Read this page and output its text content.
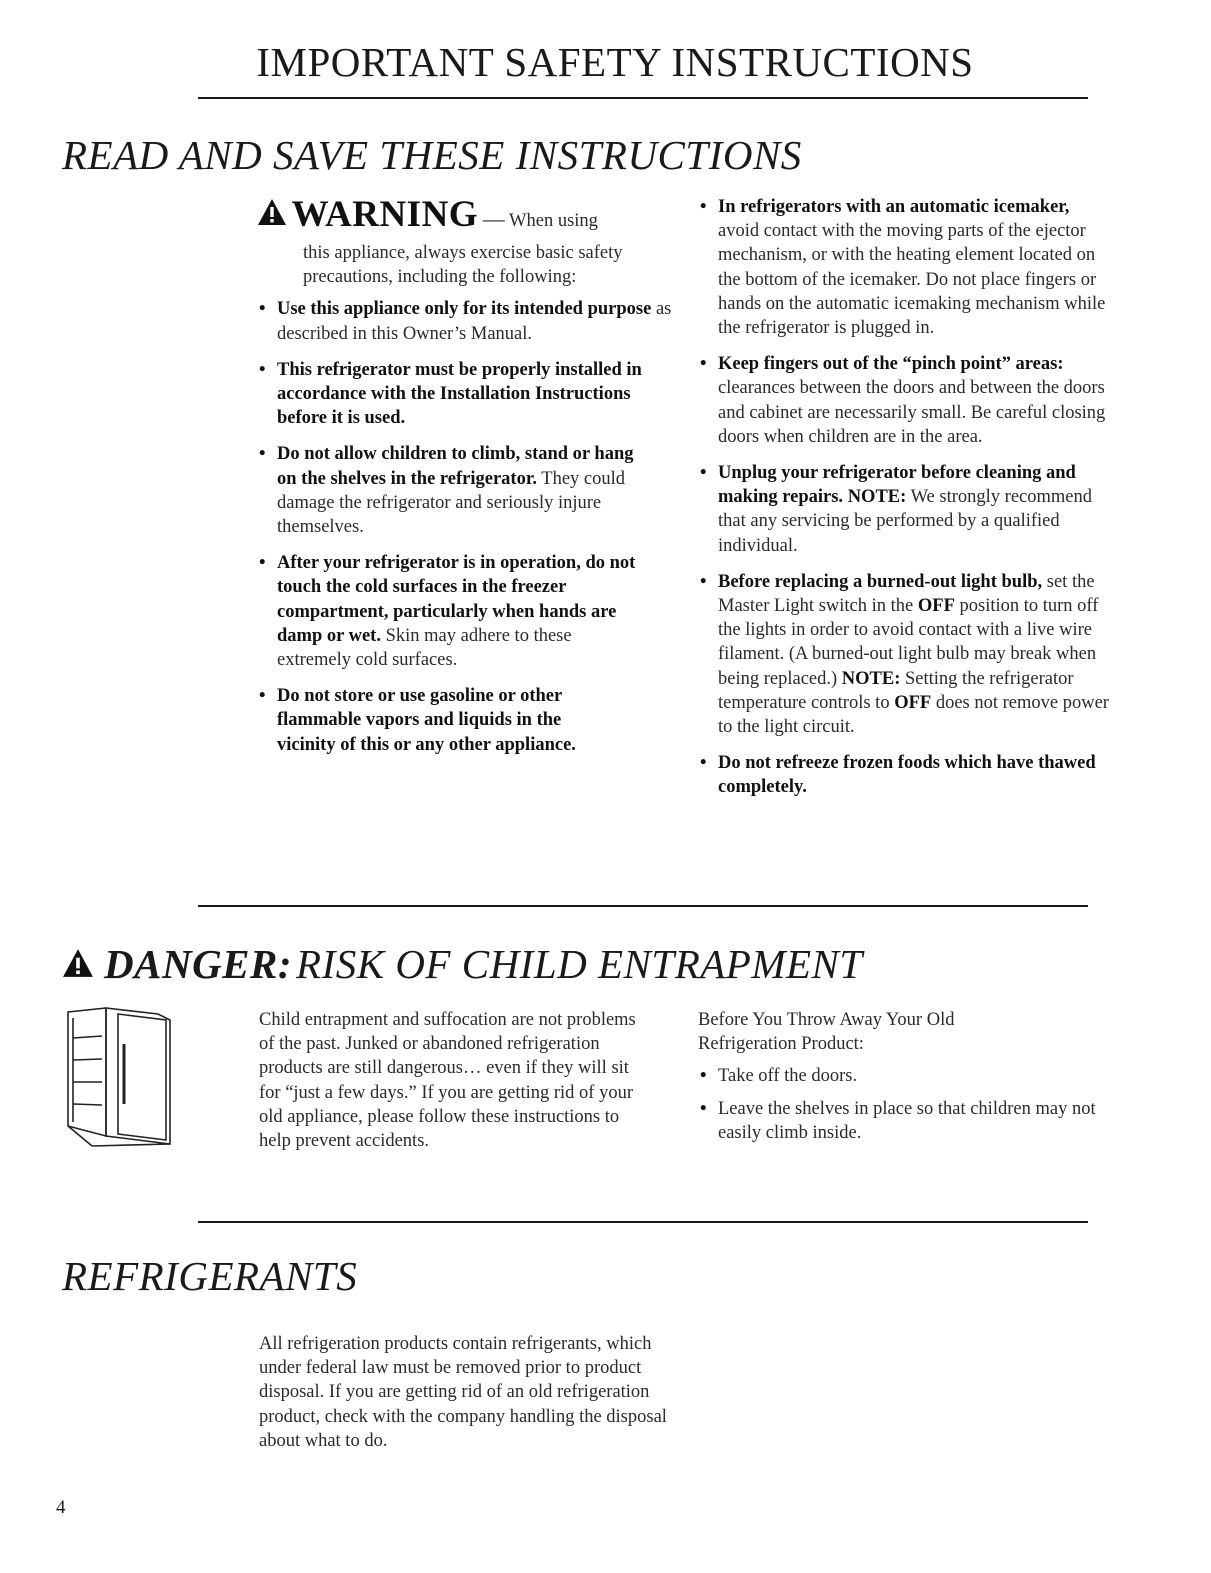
IMPORTANT SAFETY INSTRUCTIONS
READ AND SAVE THESE INSTRUCTIONS
WARNING — When using

this appliance, always exercise basic safety precautions, including the following:

• Use this appliance only for its intended purpose as described in this Owner’s Manual.
• This refrigerator must be properly installed in accordance with the Installation Instructions before it is used.
• Do not allow children to climb, stand or hang on the shelves in the refrigerator. They could damage the refrigerator and seriously injure themselves.
• After your refrigerator is in operation, do not touch the cold surfaces in the freezer compartment, particularly when hands are damp or wet. Skin may adhere to these extremely cold surfaces.
• Do not store or use gasoline or other flammable vapors and liquids in the vicinity of this or any other appliance.
• In refrigerators with an automatic icemaker, avoid contact with the moving parts of the ejector mechanism, or with the heating element located on the bottom of the icemaker. Do not place fingers or hands on the automatic icemaking mechanism while the refrigerator is plugged in.
• Keep fingers out of the “pinch point” areas: clearances between the doors and between the doors and cabinet are necessarily small. Be careful closing doors when children are in the area.
• Unplug your refrigerator before cleaning and making repairs. NOTE: We strongly recommend that any servicing be performed by a qualified individual.
• Before replacing a burned-out light bulb, set the Master Light switch in the OFF position to turn off the lights in order to avoid contact with a live wire filament. (A burned-out light bulb may break when being replaced.) NOTE: Setting the refrigerator temperature controls to OFF does not remove power to the light circuit.
• Do not refreeze frozen foods which have thawed completely.
DANGER: RISK OF CHILD ENTRAPMENT

Child entrapment and suffocation are not problems of the past. Junked or abandoned refrigeration products are still dangerous… even if they will sit for “just a few days.” If you are getting rid of your old appliance, please follow these instructions to help prevent accidents.

Before You Throw Away Your Old Refrigeration Product:

• Take off the doors.
• Leave the shelves in place so that children may not easily climb inside.
REFRIGERANTS

All refrigeration products contain refrigerants, which under federal law must be removed prior to product disposal. If you are getting rid of an old refrigeration product, check with the company handling the disposal about what to do.

4
